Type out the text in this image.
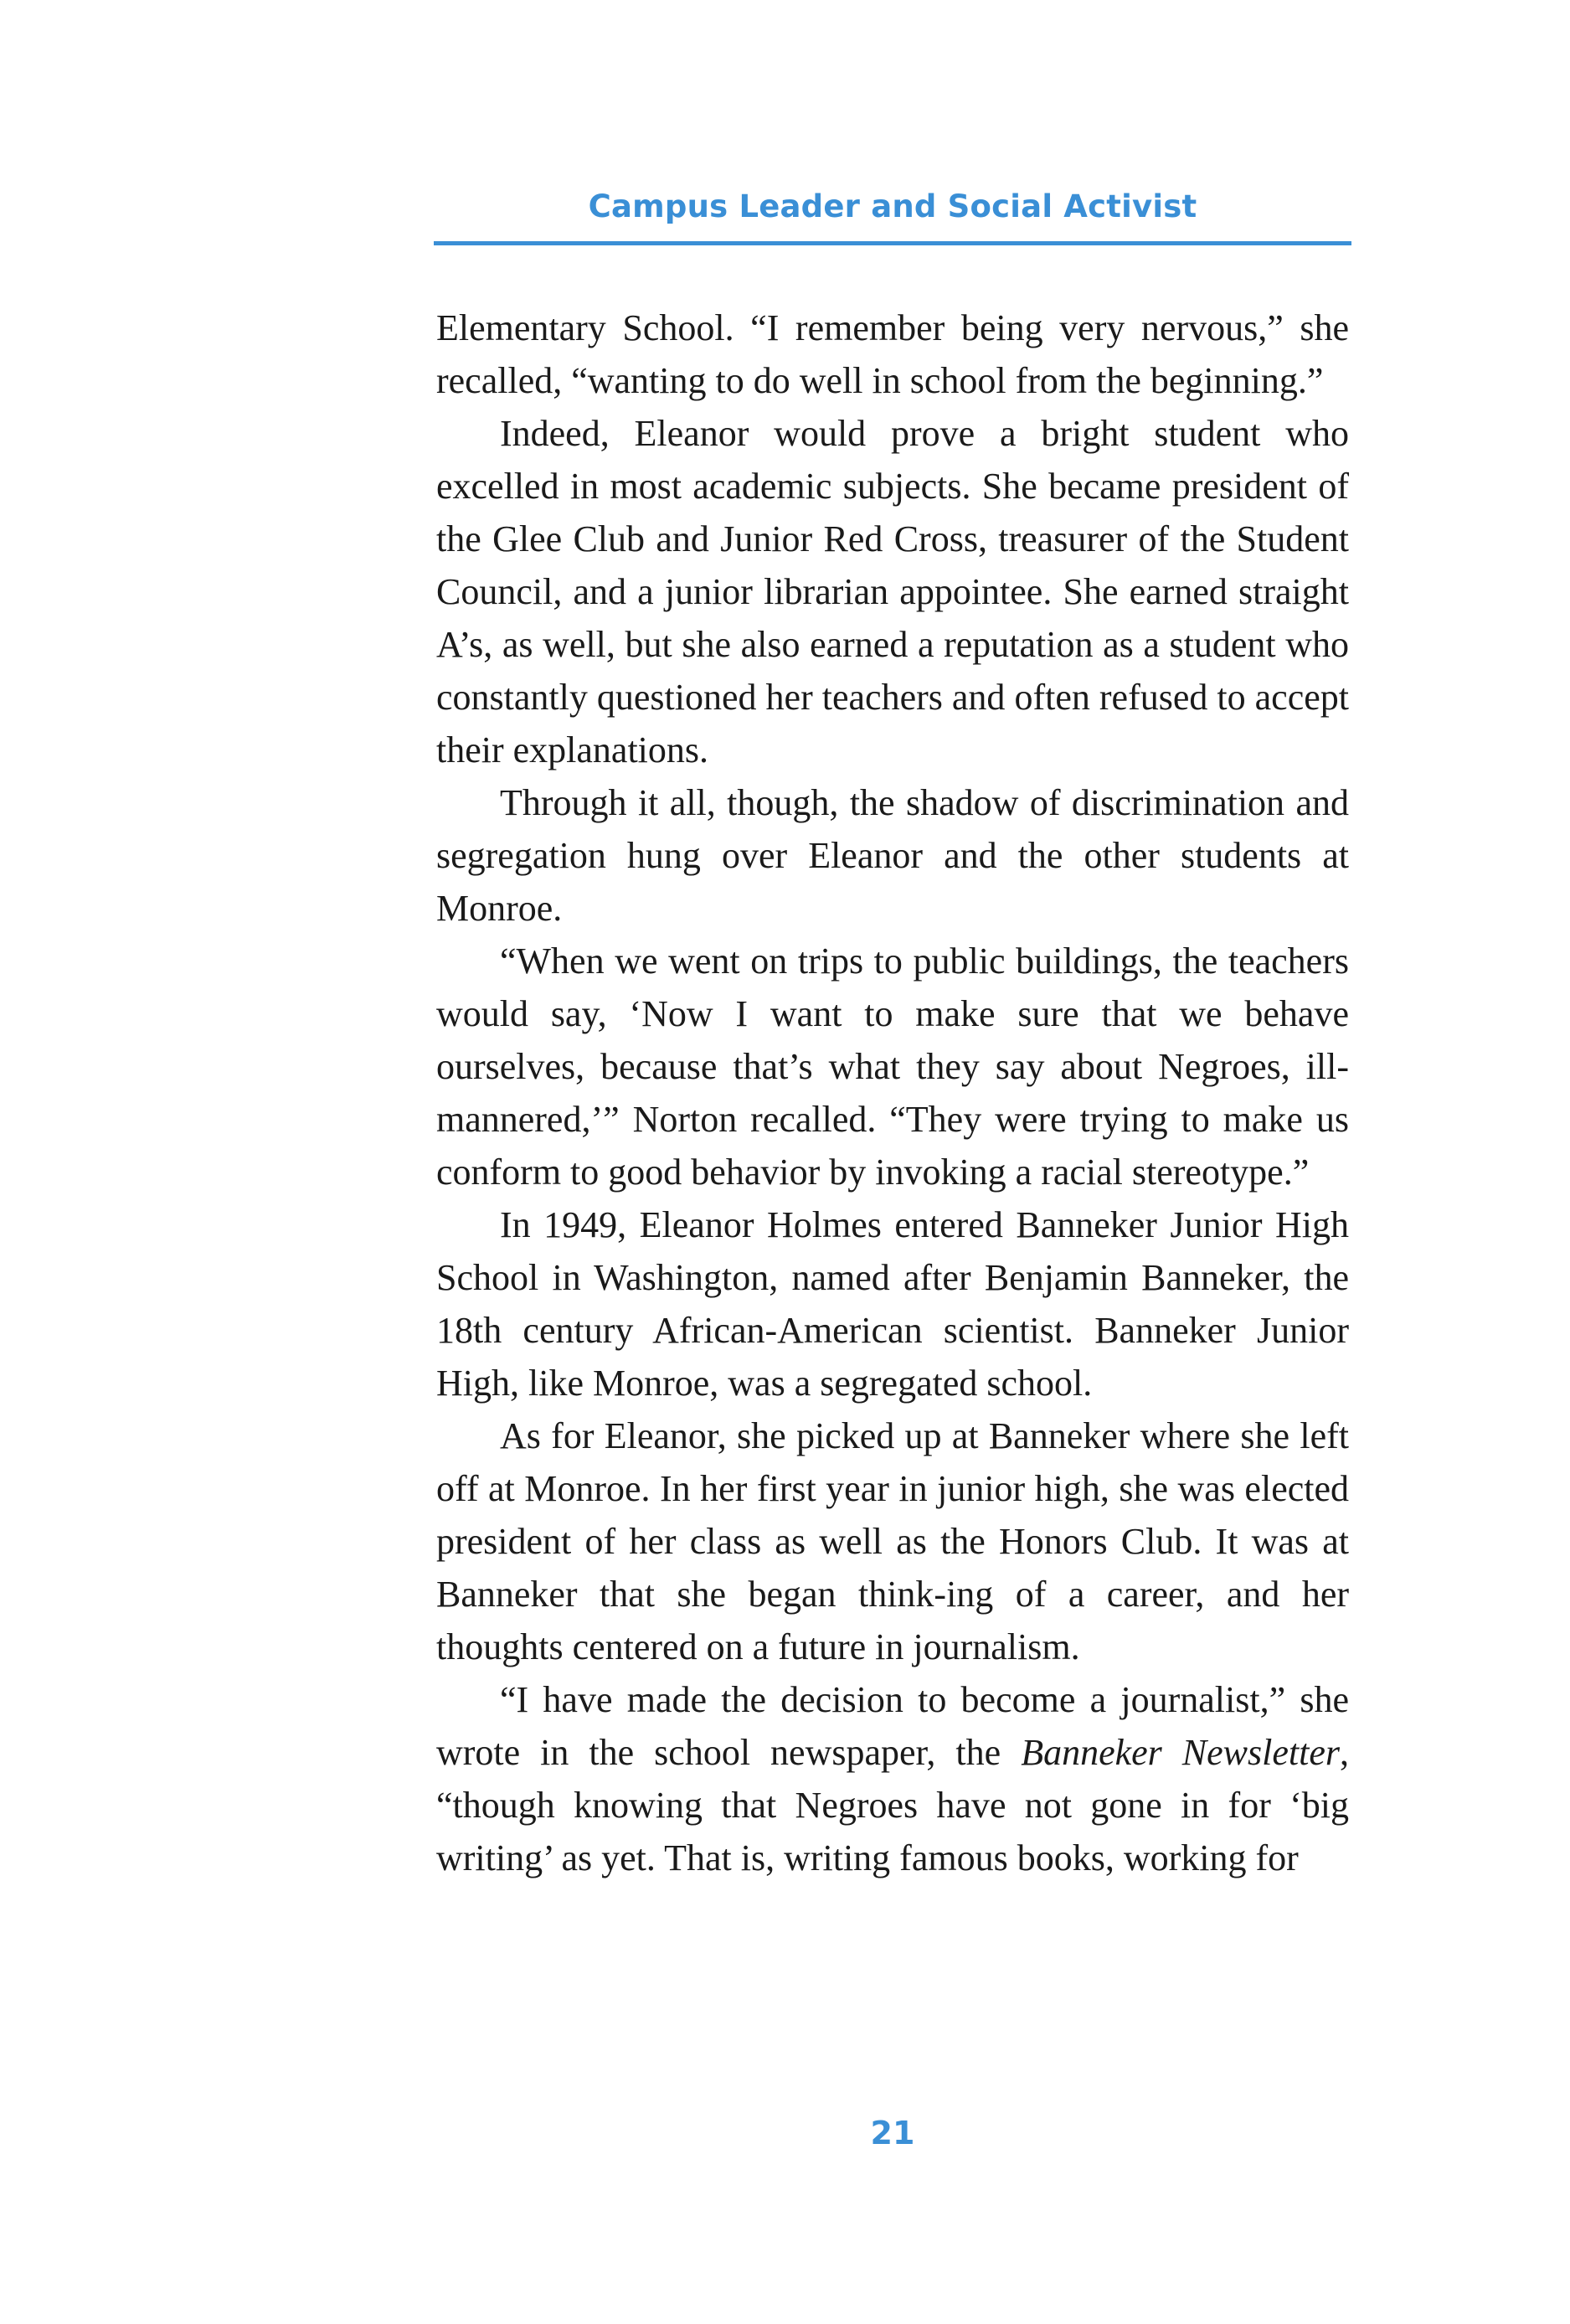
Campus Leader and Social Activist

Elementary School. “I remember being very nervous,” she recalled, “wanting to do well in school from the beginning.”

Indeed, Eleanor would prove a bright student who excelled in most academic subjects. She became president of the Glee Club and Junior Red Cross, treasurer of the Student Council, and a junior librarian appointee. She earned straight A’s, as well, but she also earned a reputation as a student who constantly questioned her teachers and often refused to accept their explanations.

Through it all, though, the shadow of discrimination and segregation hung over Eleanor and the other students at Monroe.

“When we went on trips to public buildings, the teachers would say, ‘Now I want to make sure that we behave ourselves, because that’s what they say about Negroes, ill-mannered,’” Norton recalled. “They were trying to make us conform to good behavior by invoking a racial stereotype.”

In 1949, Eleanor Holmes entered Banneker Junior High School in Washington, named after Benjamin Banneker, the 18th century African-American scientist. Banneker Junior High, like Monroe, was a segregated school.

As for Eleanor, she picked up at Banneker where she left off at Monroe. In her first year in junior high, she was elected president of her class as well as the Honors Club. It was at Banneker that she began think-ing of a career, and her thoughts centered on a future in journalism.

“I have made the decision to become a journalist,” she wrote in the school newspaper, the Banneker Newsletter, “though knowing that Negroes have not gone in for ‘big writing’ as yet. That is, writing famous books, working for

21
